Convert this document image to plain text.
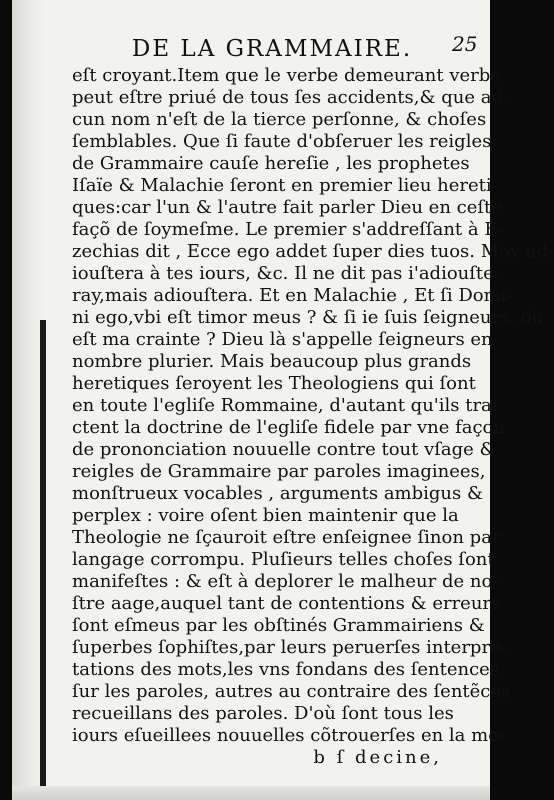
DE LA GRAMMAIRE.	25
eſt croyant.Item que le verbe demeurant verbe
peut eſtre priué de tous ſes accidents,& que au-
cun nom n'eſt de la tierce perſonne, & choſes
ſemblables. Que ſi faute d'obſeruer les reigles
de Grammaire cauſe hereſie , les prophetes
Iſaïe & Malachie ſeront en premier lieu hereti-
ques:car l'un & l'autre fait parler Dieu en ceſte
façõ de ſoymeſme. Le premier s'addreſſant à E-
zechias dit , Ecce ego addet ſuper dies tuos. Moy ad-
iouſtera à tes iours, &c. Il ne dit pas i'adiouſte-
ray,mais adiouſtera. Et en Malachie , Et ſi Domi-
ni ego,vbi eſt timor meus ? & ſi ie ſuis ſeigneurs, où
eſt ma crainte ? Dieu là s'appelle ſeigneurs en
nombre plurier. Mais beaucoup plus grands
heretiques ſeroyent les Theologiens qui ſont
en toute l'egliſe Rommaine, d'autant qu'ils trai
ctent la doctrine de l'egliſe fidele par vne façon
de prononciation nouuelle contre tout vſage &
reigles de Grammaire par paroles imaginees,
monſtrueux vocables , arguments ambigus &
perplex : voire oſent bien maintenir que la
Theologie ne ſçauroit eſtre enſeignee ſinon par
langage corrompu. Pluſieurs telles choſes ſont
manifeſtes : & eſt à deplorer le malheur de no-
ſtre aage,auquel tant de contentions & erreurs
ſont eſmeus par les obſtinés Grammairiens &
ſuperbes ſophiſtes,par leurs peruerſes interpre-
tations des mots,les vns fondans des ſentences
ſur les paroles, autres au contraire des ſentẽces
recueillans des paroles. D'où ſont tous les
iours eſueillees nouuelles cõtrouerſes en la me-
b ſ decine,
